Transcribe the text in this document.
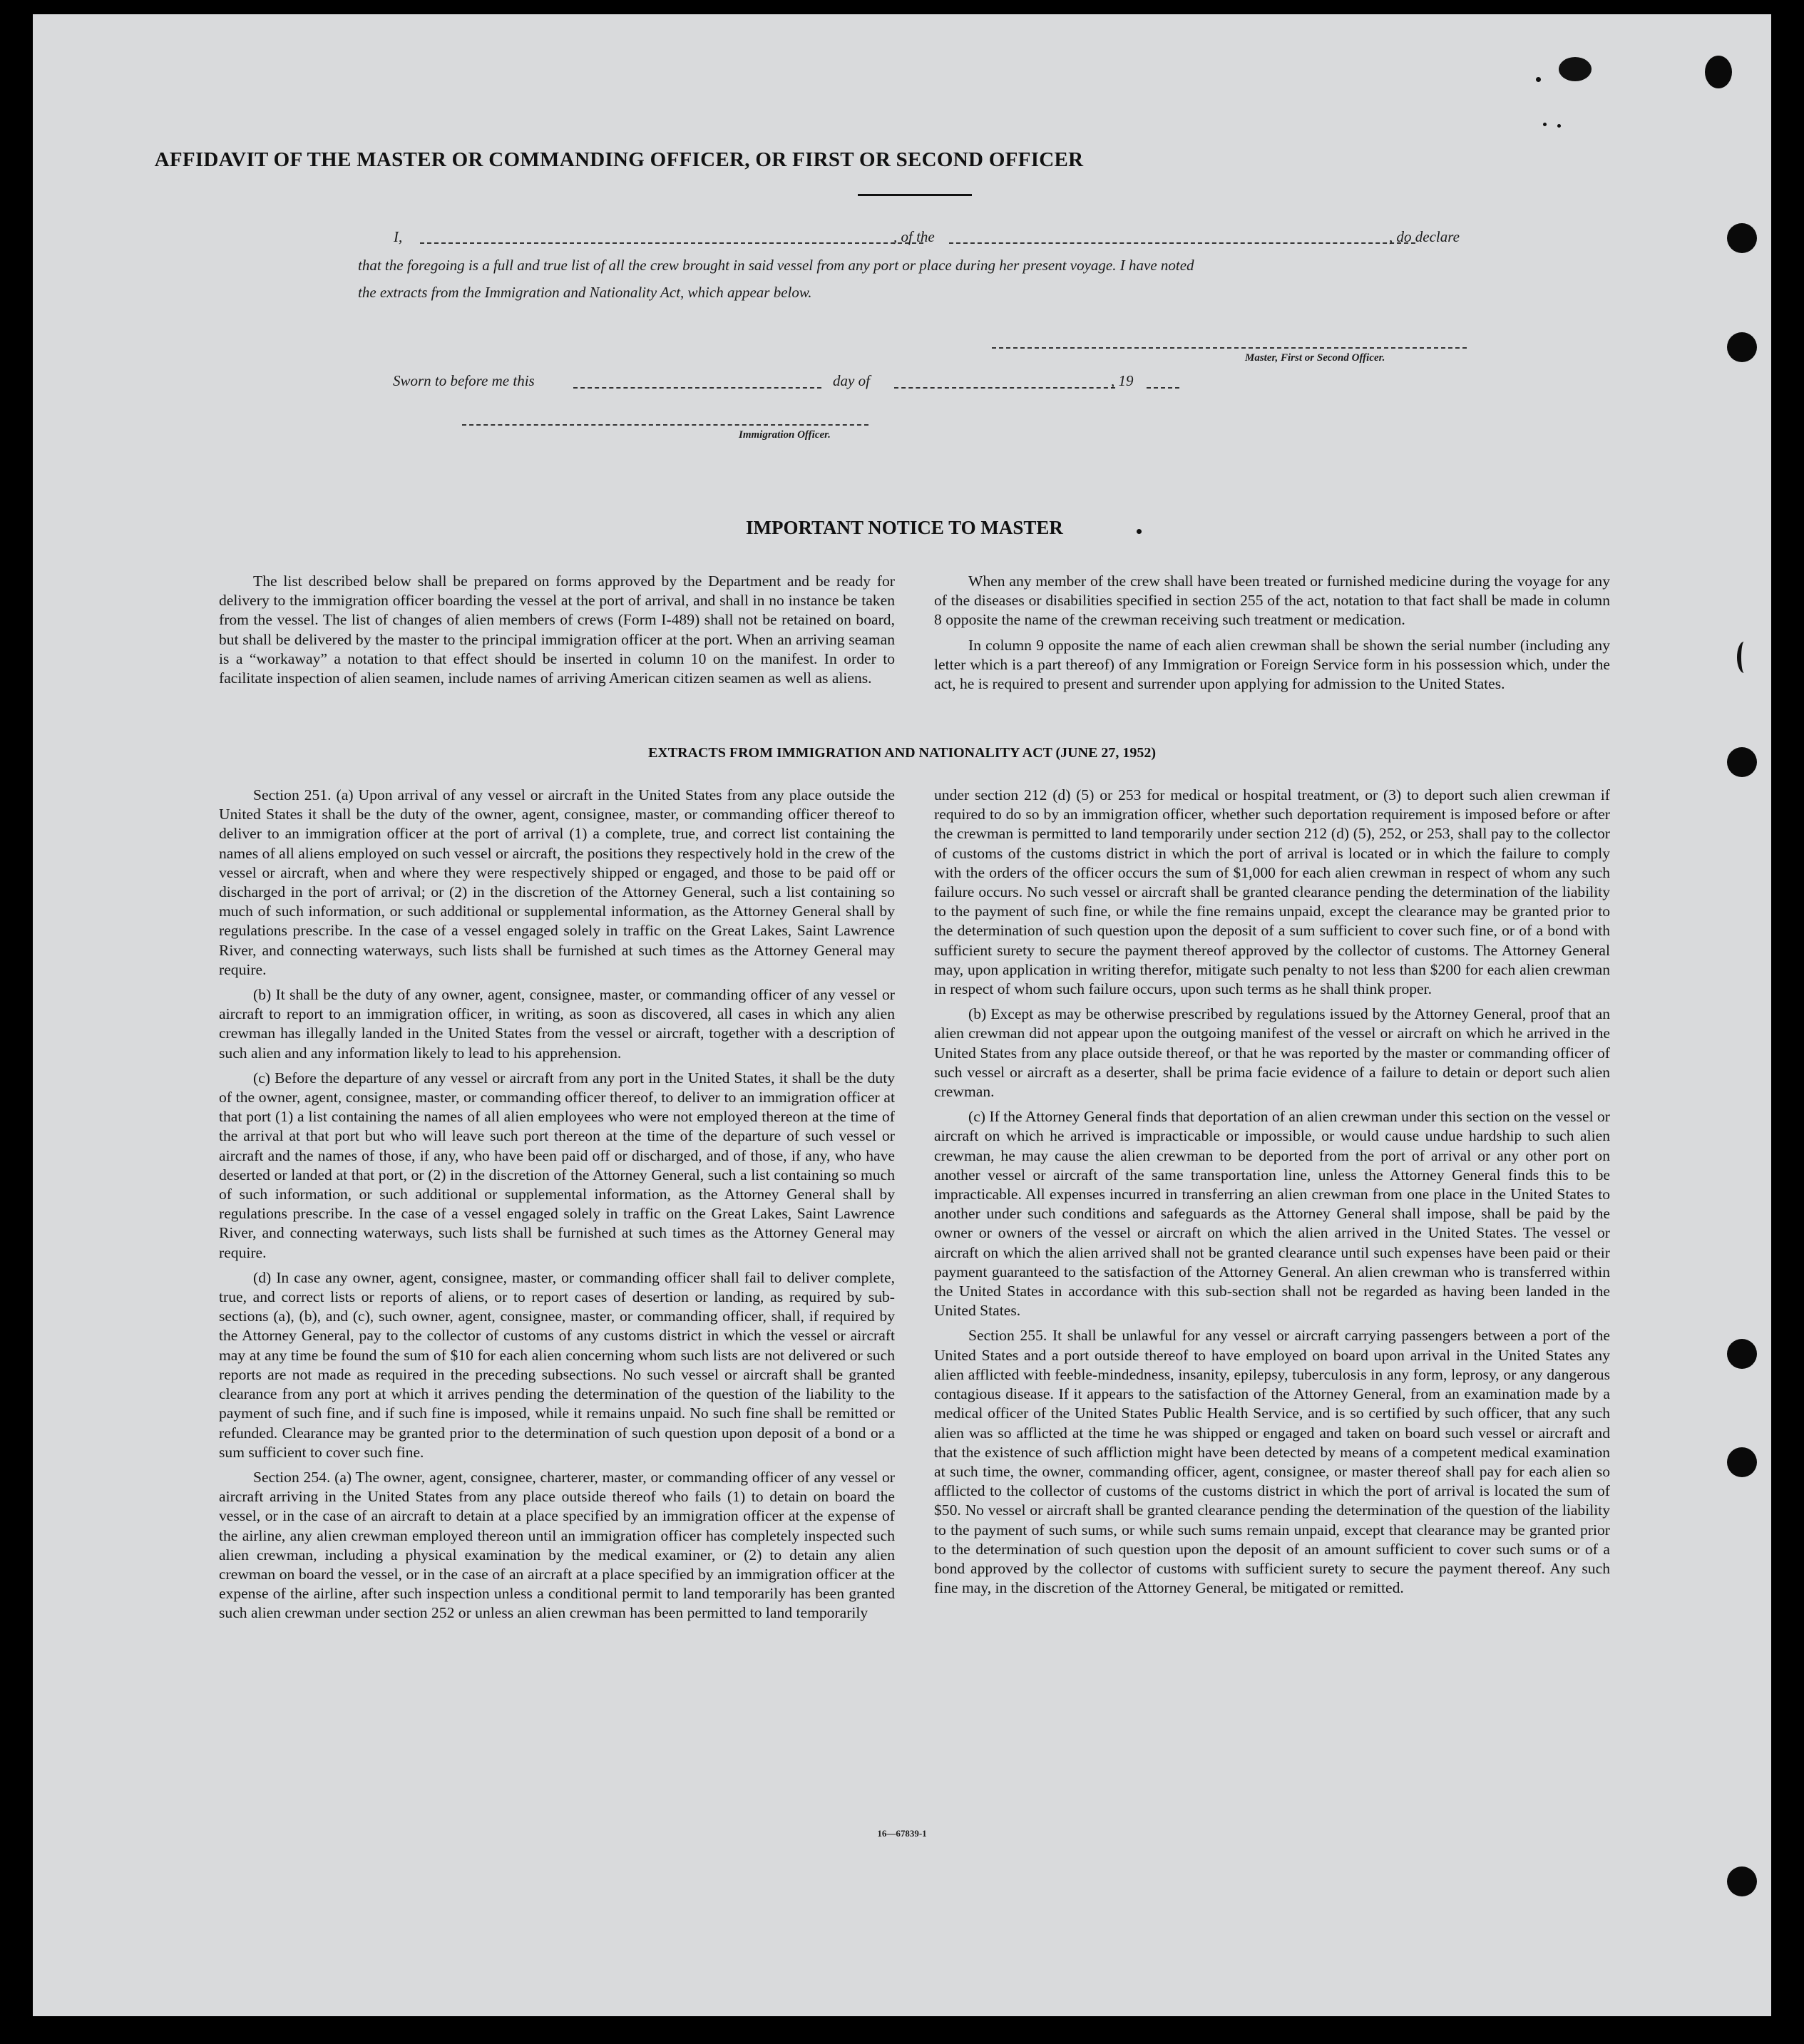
AFFIDAVIT OF THE MASTER OR COMMANDING OFFICER, OR FIRST OR SECOND OFFICER
I,	, of the	, do declare
that the foregoing is a full and true list of all the crew brought in said vessel from any port or place during her present voyage. I have noted
the extracts from the Immigration and Nationality Act, which appear below.
Master, First or Second Officer.
Sworn to before me this	day of	, 19
Immigration Officer.
IMPORTANT NOTICE TO MASTER

The list described below shall be prepared on forms approved by the Department and be ready for delivery to the immigration officer boarding the vessel at the port of arrival, and shall in no instance be taken from the vessel. The list of changes of alien members of crews (Form I-489) shall not be retained on board, but shall be delivered by the master to the principal immigration officer at the port. When an arriving seaman is a “workaway” a notation to that effect should be inserted in column 10 on the manifest. In order to facilitate inspection of alien seamen, include names of arriving American citizen seamen as well as aliens.

When any member of the crew shall have been treated or furnished medicine during the voyage for any of the diseases or disabilities specified in section 255 of the act, notation to that fact shall be made in column 8 opposite the name of the crewman receiving such treatment or medication.

In column 9 opposite the name of each alien crewman shall be shown the serial number (including any letter which is a part thereof) of any Immigration or Foreign Service form in his possession which, under the act, he is required to present and surrender upon applying for admission to the United States.

EXTRACTS FROM IMMIGRATION AND NATIONALITY ACT (JUNE 27, 1952)

Section 251. (a) Upon arrival of any vessel or aircraft in the United States from any place outside the United States it shall be the duty of the owner, agent, consignee, master, or commanding officer thereof to deliver to an immigration officer at the port of arrival (1) a complete, true, and correct list containing the names of all aliens employed on such vessel or aircraft, the positions they respectively hold in the crew of the vessel or aircraft, when and where they were respectively shipped or engaged, and those to be paid off or discharged in the port of arrival; or (2) in the discretion of the Attorney General, such a list containing so much of such information, or such additional or supplemental information, as the Attorney General shall by regulations prescribe. In the case of a vessel engaged solely in traffic on the Great Lakes, Saint Lawrence River, and connecting waterways, such lists shall be furnished at such times as the Attorney General may require.

(b) It shall be the duty of any owner, agent, consignee, master, or commanding officer of any vessel or aircraft to report to an immigration officer, in writing, as soon as discovered, all cases in which any alien crewman has illegally landed in the United States from the vessel or aircraft, together with a description of such alien and any information likely to lead to his apprehension.

(c) Before the departure of any vessel or aircraft from any port in the United States, it shall be the duty of the owner, agent, consignee, master, or commanding officer thereof, to deliver to an immigration officer at that port (1) a list containing the names of all alien employees who were not employed thereon at the time of the arrival at that port but who will leave such port thereon at the time of the departure of such vessel or aircraft and the names of those, if any, who have been paid off or discharged, and of those, if any, who have deserted or landed at that port, or (2) in the discretion of the Attorney General, such a list containing so much of such information, or such additional or supplemental information, as the Attorney General shall by regulations prescribe. In the case of a vessel engaged solely in traffic on the Great Lakes, Saint Lawrence River, and connecting waterways, such lists shall be furnished at such times as the Attorney General may require.

(d) In case any owner, agent, consignee, master, or commanding officer shall fail to deliver complete, true, and correct lists or reports of aliens, or to report cases of desertion or landing, as required by sub-sections (a), (b), and (c), such owner, agent, consignee, master, or commanding officer, shall, if required by the Attorney General, pay to the collector of customs of any customs district in which the vessel or aircraft may at any time be found the sum of $10 for each alien concerning whom such lists are not delivered or such reports are not made as required in the preceding subsections. No such vessel or aircraft shall be granted clearance from any port at which it arrives pending the determination of the question of the liability to the payment of such fine, and if such fine is imposed, while it remains unpaid. No such fine shall be remitted or refunded. Clearance may be granted prior to the determination of such question upon deposit of a bond or a sum sufficient to cover such fine.

Section 254. (a) The owner, agent, consignee, charterer, master, or commanding officer of any vessel or aircraft arriving in the United States from any place outside thereof who fails (1) to detain on board the vessel, or in the case of an aircraft to detain at a place specified by an immigration officer at the expense of the airline, any alien crewman employed thereon until an immigration officer has completely inspected such alien crewman, including a physical examination by the medical examiner, or (2) to detain any alien crewman on board the vessel, or in the case of an aircraft at a place specified by an immigration officer at the expense of the airline, after such inspection unless a conditional permit to land temporarily has been granted such alien crewman under section 252 or unless an alien crewman has been permitted to land temporarily

under section 212 (d) (5) or 253 for medical or hospital treatment, or (3) to deport such alien crewman if required to do so by an immigration officer, whether such deportation requirement is imposed before or after the crewman is permitted to land temporarily under section 212 (d) (5), 252, or 253, shall pay to the collector of customs of the customs district in which the port of arrival is located or in which the failure to comply with the orders of the officer occurs the sum of $1,000 for each alien crewman in respect of whom any such failure occurs. No such vessel or aircraft shall be granted clearance pending the determination of the liability to the payment of such fine, or while the fine remains unpaid, except the clearance may be granted prior to the determination of such question upon the deposit of a sum sufficient to cover such fine, or of a bond with sufficient surety to secure the payment thereof approved by the collector of customs. The Attorney General may, upon application in writing therefor, mitigate such penalty to not less than $200 for each alien crewman in respect of whom such failure occurs, upon such terms as he shall think proper.

(b) Except as may be otherwise prescribed by regulations issued by the Attorney General, proof that an alien crewman did not appear upon the outgoing manifest of the vessel or aircraft on which he arrived in the United States from any place outside thereof, or that he was reported by the master or commanding officer of such vessel or aircraft as a deserter, shall be prima facie evidence of a failure to detain or deport such alien crewman.

(c) If the Attorney General finds that deportation of an alien crewman under this section on the vessel or aircraft on which he arrived is impracticable or impossible, or would cause undue hardship to such alien crewman, he may cause the alien crewman to be deported from the port of arrival or any other port on another vessel or aircraft of the same transportation line, unless the Attorney General finds this to be impracticable. All expenses incurred in transferring an alien crewman from one place in the United States to another under such conditions and safeguards as the Attorney General shall impose, shall be paid by the owner or owners of the vessel or aircraft on which the alien arrived in the United States. The vessel or aircraft on which the alien arrived shall not be granted clearance until such expenses have been paid or their payment guaranteed to the satisfaction of the Attorney General. An alien crewman who is transferred within the United States in accordance with this sub-section shall not be regarded as having been landed in the United States.

Section 255. It shall be unlawful for any vessel or aircraft carrying passengers between a port of the United States and a port outside thereof to have employed on board upon arrival in the United States any alien afflicted with feeble-mindedness, insanity, epilepsy, tuberculosis in any form, leprosy, or any dangerous contagious disease. If it appears to the satisfaction of the Attorney General, from an examination made by a medical officer of the United States Public Health Service, and is so certified by such officer, that any such alien was so afflicted at the time he was shipped or engaged and taken on board such vessel or aircraft and that the existence of such affliction might have been detected by means of a competent medical examination at such time, the owner, commanding officer, agent, consignee, or master thereof shall pay for each alien so afflicted to the collector of customs of the customs district in which the port of arrival is located the sum of $50. No vessel or aircraft shall be granted clearance pending the determination of the question of the liability to the payment of such sums, or while such sums remain unpaid, except that clearance may be granted prior to the determination of such question upon the deposit of an amount sufficient to cover such sums or of a bond approved by the collector of customs with sufficient surety to secure the payment thereof. Any such fine may, in the discretion of the Attorney General, be mitigated or remitted.

16—67839-1
